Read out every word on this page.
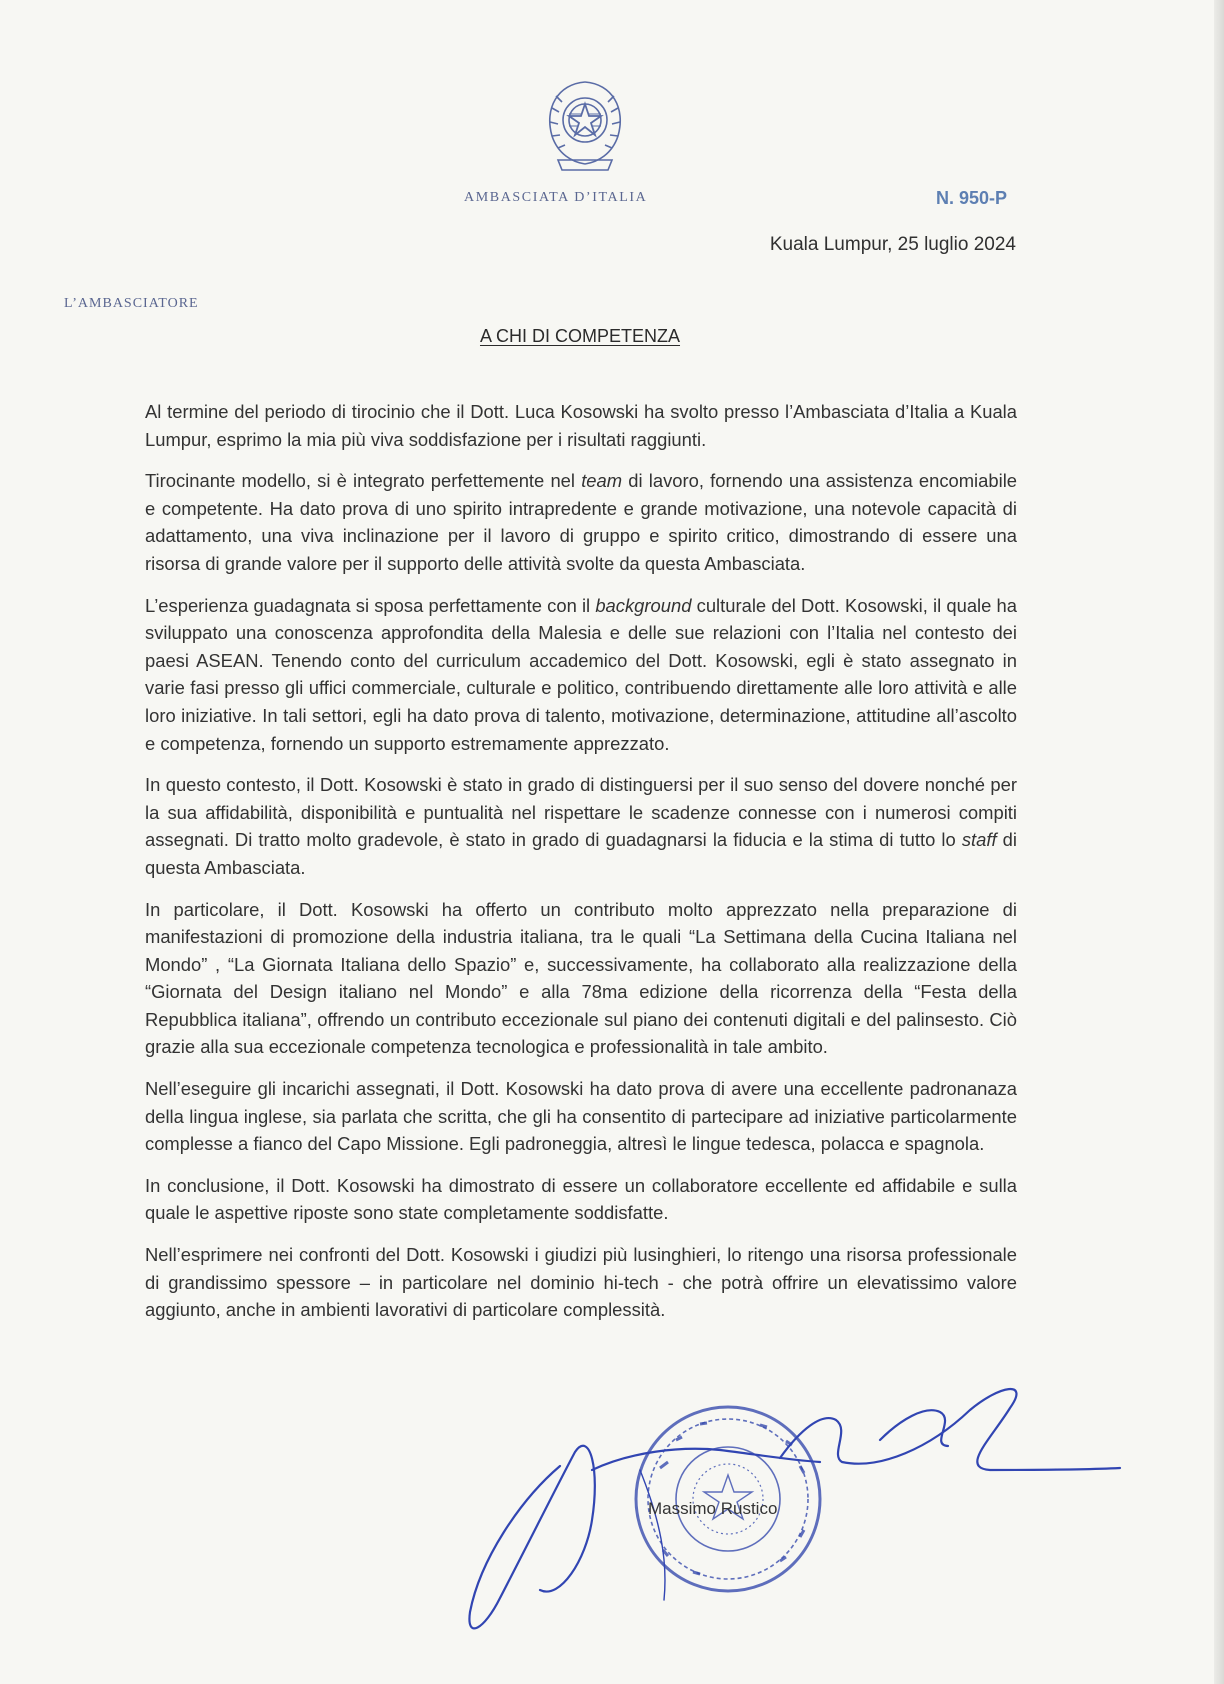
AMBASCIATA D’ITALIA	N. 950-P
Kuala Lumpur, 25 luglio 2024
L’AMBASCIATORE
A CHI DI COMPETENZA

Al termine del periodo di tirocinio che il Dott. Luca Kosowski ha svolto presso l’Ambasciata d’Italia a Kuala Lumpur, esprimo la mia più viva soddisfazione per i risultati raggiunti.

Tirocinante modello, si è integrato perfettemente nel team di lavoro, fornendo una assistenza encomiabile e competente. Ha dato prova di uno spirito intrapredente e grande motivazione, una notevole capacità di adattamento, una viva inclinazione per il lavoro di gruppo e spirito critico, dimostrando di essere una risorsa di grande valore per il supporto delle attività svolte da questa Ambasciata.

L’esperienza guadagnata si sposa perfettamente con il background culturale del Dott. Kosowski, il quale ha sviluppato una conoscenza approfondita della Malesia e delle sue relazioni con l’Italia nel contesto dei paesi ASEAN. Tenendo conto del curriculum accademico del Dott. Kosowski, egli è stato assegnato in varie fasi presso gli uffici commerciale, culturale e politico, contribuendo direttamente alle loro attività e alle loro iniziative. In tali settori, egli ha dato prova di talento, motivazione, determinazione, attitudine all’ascolto e competenza, fornendo un supporto estremamente apprezzato.

In questo contesto, il Dott. Kosowski è stato in grado di distinguersi per il suo senso del dovere nonché per la sua affidabilità, disponibilità e puntualità nel rispettare le scadenze connesse con i numerosi compiti assegnati. Di tratto molto gradevole, è stato in grado di guadagnarsi la fiducia e la stima di tutto lo staff di questa Ambasciata.

In particolare, il Dott. Kosowski ha offerto un contributo molto apprezzato nella preparazione di manifestazioni di promozione della industria italiana, tra le quali “La Settimana della Cucina Italiana nel Mondo” , “La Giornata Italiana dello Spazio” e, successivamente, ha collaborato alla realizzazione della “Giornata del Design italiano nel Mondo” e alla 78ma edizione della ricorrenza della “Festa della Repubblica italiana”, offrendo un contributo eccezionale sul piano dei contenuti digitali e del palinsesto. Ciò grazie alla sua eccezionale competenza tecnologica e professionalità in tale ambito.

Nell’eseguire gli incarichi assegnati, il Dott. Kosowski ha dato prova di avere una eccellente padronanaza della lingua inglese, sia parlata che scritta, che gli ha consentito di partecipare ad iniziative particolarmente complesse a fianco del Capo Missione. Egli padroneggia, altresì le lingue tedesca, polacca e spagnola.

In conclusione, il Dott. Kosowski ha dimostrato di essere un collaboratore eccellente ed affidabile e sulla quale le aspettive riposte sono state completamente soddisfatte.

Nell’esprimere nei confronti del Dott. Kosowski i giudizi più lusinghieri, lo ritengo una risorsa professionale di grandissimo spessore – in particolare nel dominio hi-tech - che potrà offrire un elevatissimo valore aggiunto, anche in ambienti lavorativi di particolare complessità.

Massimo Rustico
